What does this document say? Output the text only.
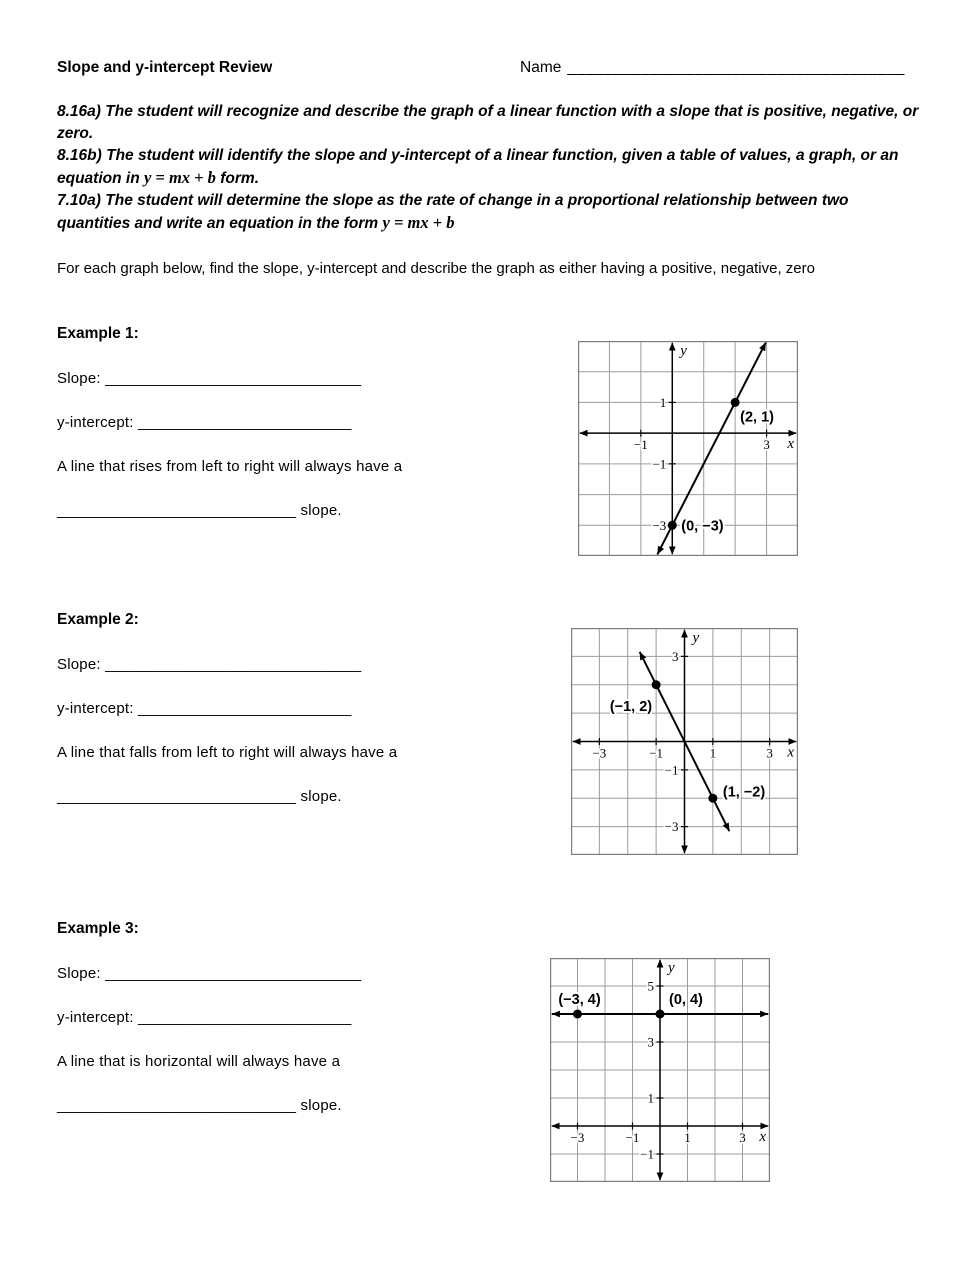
Slope and y-intercept Review	Name _____________________________________

8.16a) The student will recognize and describe the graph of a linear function with a slope that is positive, negative, or zero.

8.16b) The student will identify the slope and y-intercept of a linear function, given a table of values, a graph, or an equation in y = mx + b form.

7.10a) The student will determine the slope as the rate of change in a proportional relationship between two quantities and write an equation in the form y = mx + b

For each graph below, find the slope, y-intercept and describe the graph as either having a positive, negative, zero
Example 1:

Slope: ______________________________

y-intercept: _________________________

A line that rises from left to right will always have a

____________________________ slope.

Example 2:

Slope: ______________________________

y-intercept: _________________________

A line that falls from left to right will always have a

____________________________ slope.

Example 3:

Slope: ______________________________

y-intercept: _________________________

A line that is horizontal will always have a

____________________________ slope.

x
y
−1	3
1
−1
−3
(2, 1)
(0, −3)
x
y
−3	−1	1	3
3
−1
−3
(−1, 2)
(1, −2)
x
y
−3	−1	1	3
5
3
1
−1
(−3, 4)	(0, 4)
